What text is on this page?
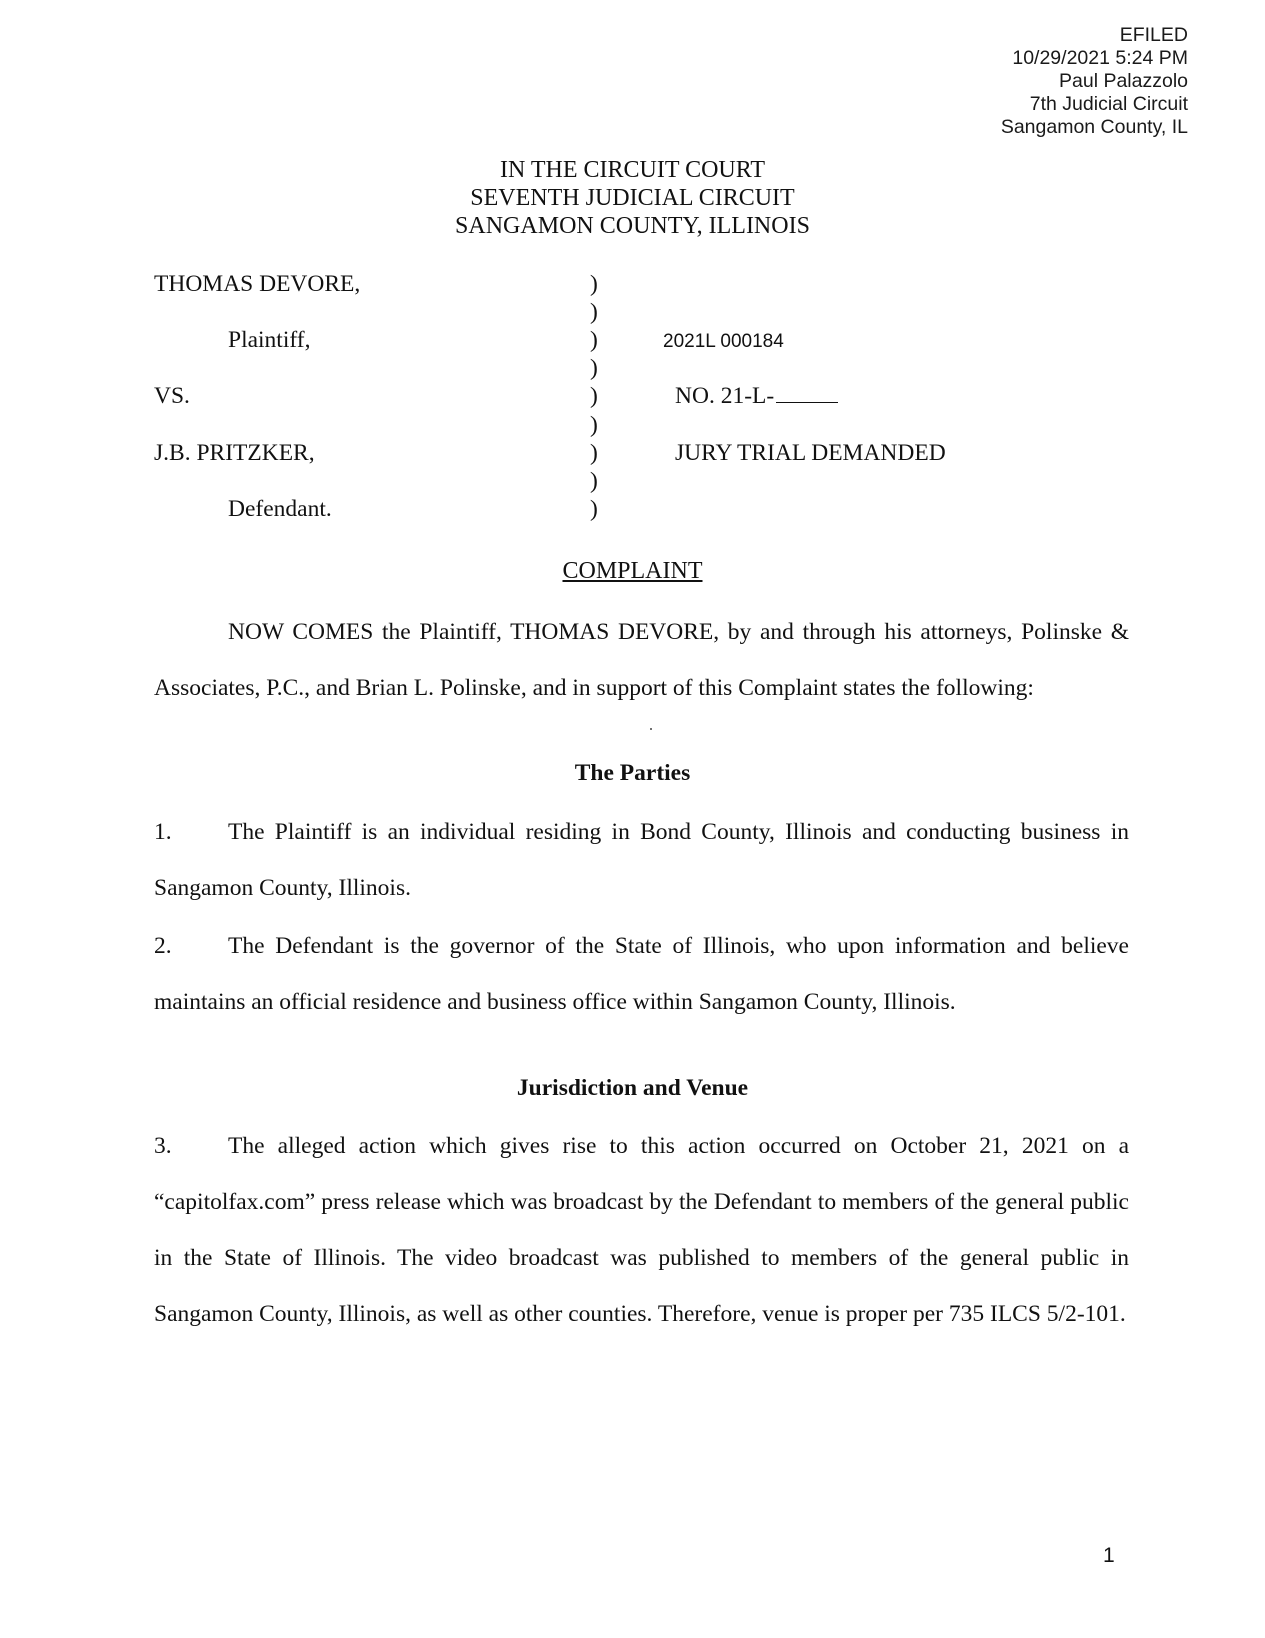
EFILED
10/29/2021 5:24 PM
Paul Palazzolo
7th Judicial Circuit
Sangamon County, IL
IN THE CIRCUIT COURT
SEVENTH JUDICIAL CIRCUIT
SANGAMON COUNTY, ILLINOIS
THOMAS DEVORE,
Plaintiff,
VS.
J.B. PRITZKER,
Defendant.
)
)
)
)
)
)
)
)
)
2021L 000184
NO. 21-L-
JURY TRIAL DEMANDED
COMPLAINT
NOW COMES the Plaintiff, THOMAS DEVORE, by and through his attorneys, Polinske & Associates, P.C., and Brian L. Polinske, and in support of this Complaint states the following:
The Parties
1. The Plaintiff is an individual residing in Bond County, Illinois and conducting business in Sangamon County, Illinois.
2. The Defendant is the governor of the State of Illinois, who upon information and believe maintains an official residence and business office within Sangamon County, Illinois.
Jurisdiction and Venue
3. The alleged action which gives rise to this action occurred on October 21, 2021 on a “capitolfax.com” press release which was broadcast by the Defendant to members of the general public in the State of Illinois. The video broadcast was published to members of the general public in Sangamon County, Illinois, as well as other counties. Therefore, venue is proper per 735 ILCS 5/2-101.
1
